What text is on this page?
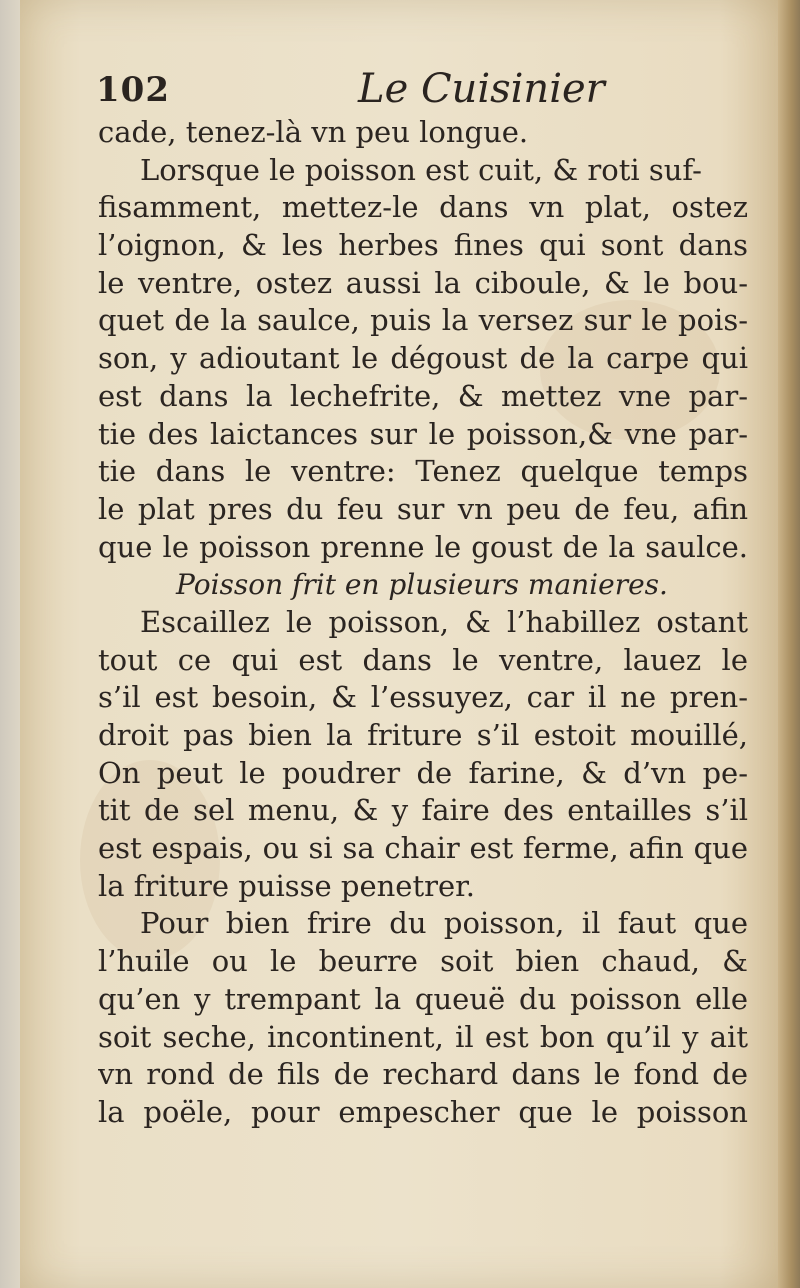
102	Le Cuisinier
cade, tenez-là vn peu longue.
Lorsque le poisson est cuit, & roti suf-
fisamment, mettez-le dans vn plat, ostez
l’oignon, & les herbes fines qui sont dans
le ventre, ostez aussi la ciboule, & le bou-
quet de la saulce, puis la versez sur le pois-
son, y adioutant le dégoust de la carpe qui
est dans la lechefrite, & mettez vne par-
tie des laictances sur le poisson,& vne par-
tie dans le ventre: Tenez quelque temps
le plat pres du feu sur vn peu de feu, afin
que le poisson prenne le goust de la saulce.
Poisson frit en plusieurs manieres.
Escaillez le poisson, & l’habillez ostant
tout ce qui est dans le ventre, lauez le
s’il est besoin, & l’essuyez, car il ne pren-
droit pas bien la friture s’il estoit mouillé,
On peut le poudrer de farine, & d’vn pe-
tit de sel menu, & y faire des entailles s’il
est espais, ou si sa chair est ferme, afin que
la friture puisse penetrer.
Pour bien frire du poisson, il faut que
l’huile ou le beurre soit bien chaud, &
qu’en y trempant la queuë du poisson elle
soit seche, incontinent, il est bon qu’il y ait
vn rond de fils de rechard dans le fond de
la poële, pour empescher que le poisson
